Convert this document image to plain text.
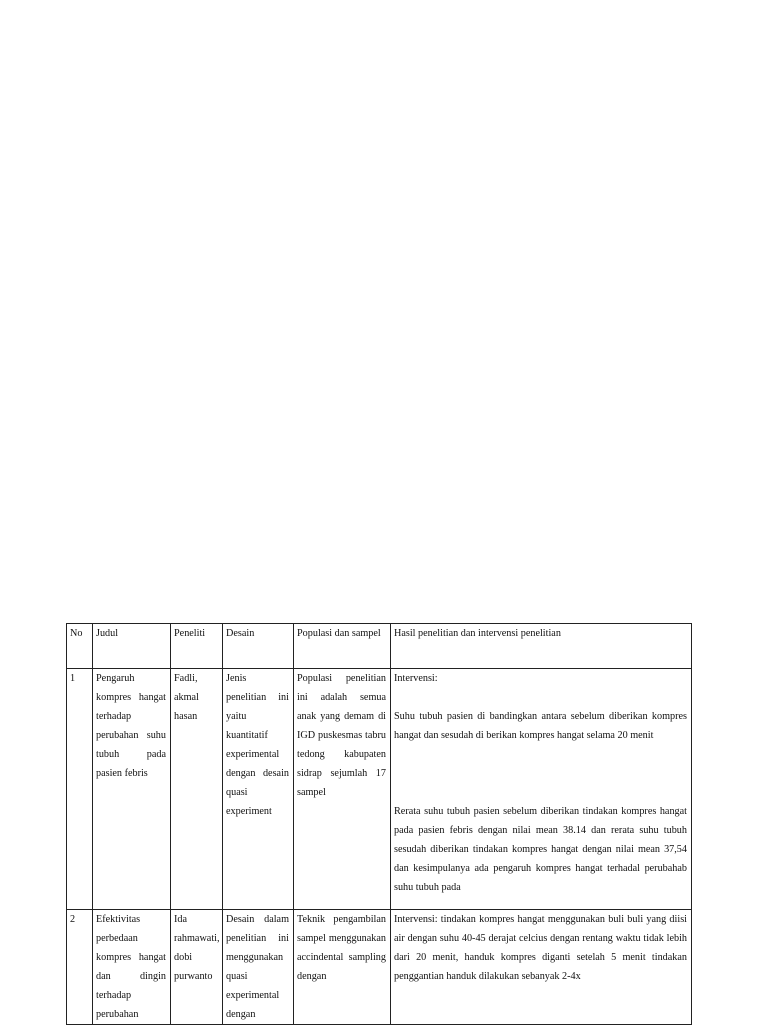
No	Judul	Peneliti	Desain	Populasi dan sampel	Hasil penelitian dan intervensi penelitian
1	Pengaruh kompres hangat terhadap perubahan suhu tubuh pada pasien febris	Fadli, akmal hasan	Jenis penelitian ini yaitu kuantitatif experimental dengan desain quasi experiment	Populasi penelitian ini adalah semua anak yang demam di IGD puskesmas tabru tedong kabupaten sidrap sejumlah 17 sampel	Intervensi:
Suhu tubuh pasien di bandingkan antara sebelum diberikan kompres hangat dan sesudah di berikan kompres hangat selama 20 menit
Rerata suhu tubuh pasien sebelum diberikan tindakan kompres hangat pada pasien febris dengan nilai mean 38.14 dan rerata suhu tubuh sesudah diberikan tindakan kompres hangat dengan nilai mean 37,54 dan kesimpulanya ada pengaruh kompres hangat terhadal perubahab suhu tubuh pada

2	Efektivitas perbedaan kompres hangat dan dingin terhadap perubahan	Ida rahmawati, dobi purwanto	Desain dalam penelitian ini menggunakan quasi experimental dengan	Teknik pengambilan sampel menggunakan accindental sampling dengan	Intervensi: tindakan kompres hangat menggunakan buli buli yang diisi air dengan suhu 40-45 derajat celcius dengan rentang waktu tidak lebih dari 20 menit, handuk kompres diganti setelah 5 menit tindakan penggantian handuk dilakukan sebanyak 2-4x
